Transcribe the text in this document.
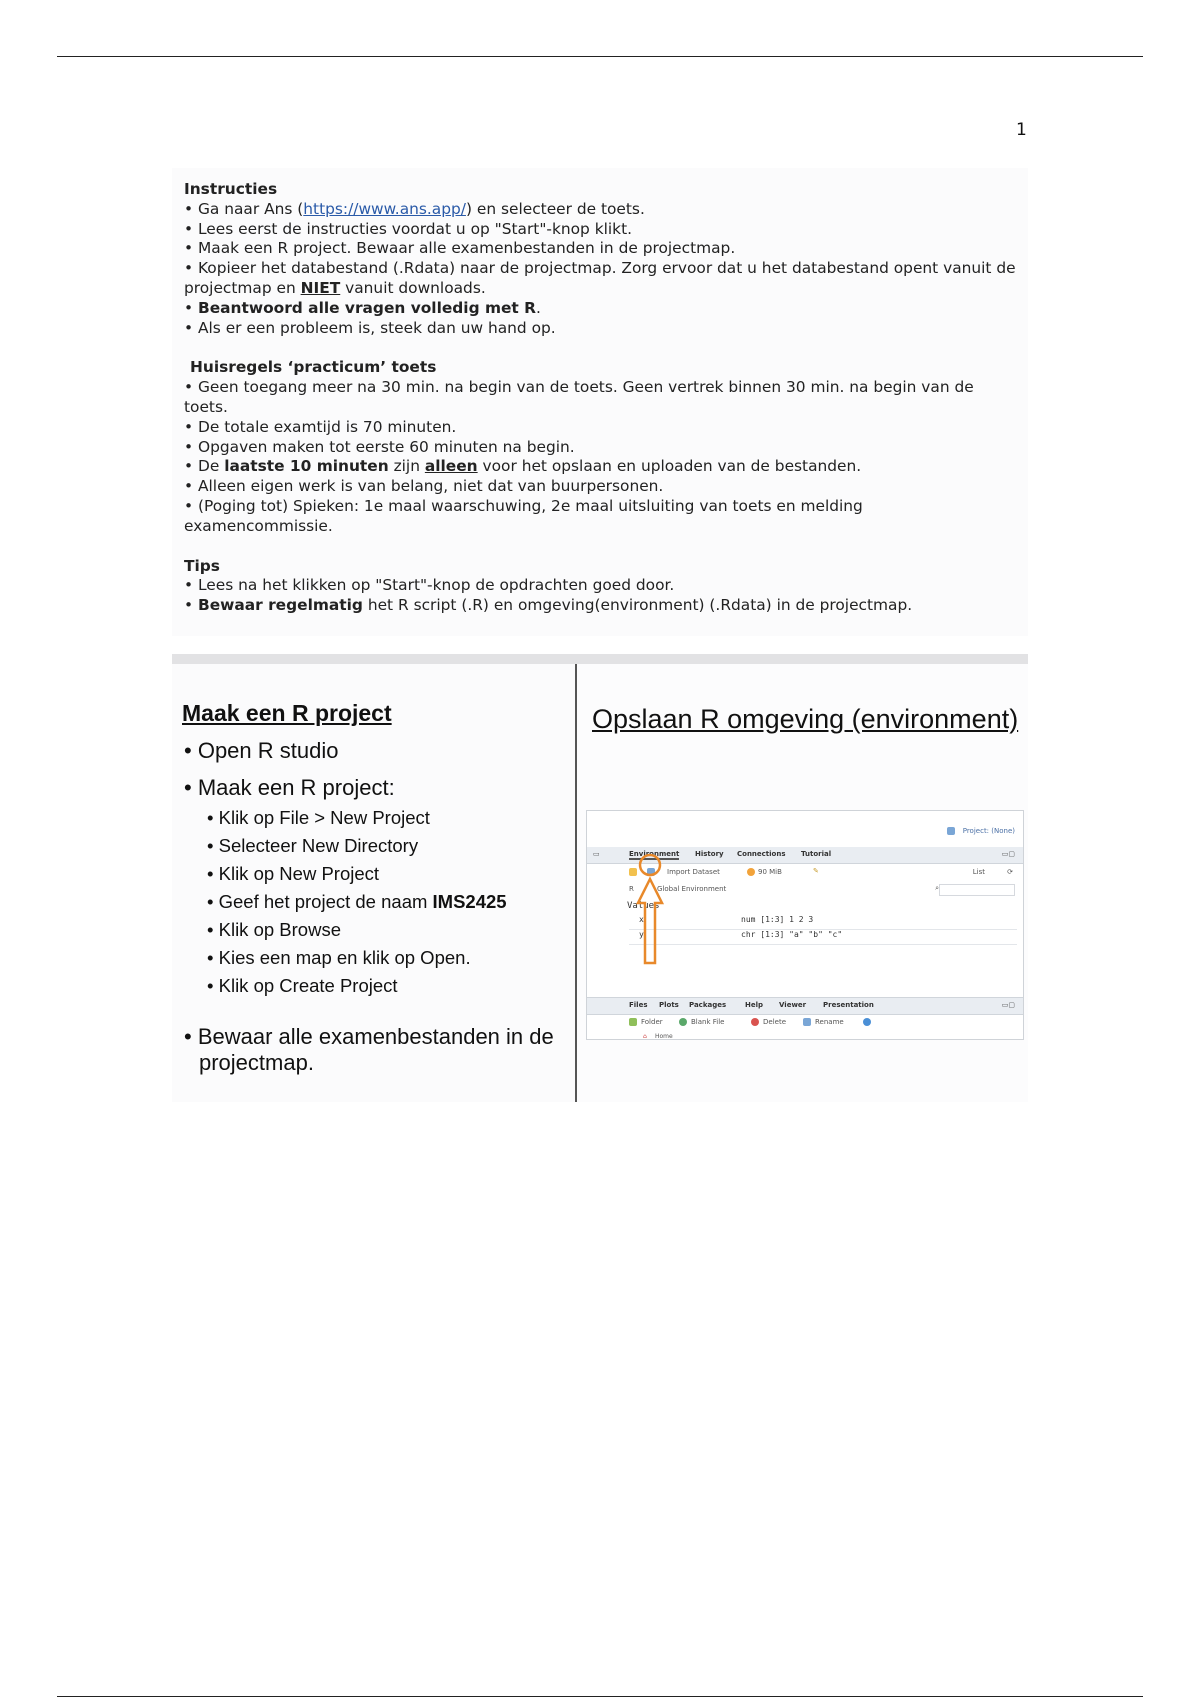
1

Instructies

• Ga naar Ans (https://www.ans.app/) en selecteer de toets.
• Lees eerst de instructies voordat u op "Start"-knop klikt.
• Maak een R project. Bewaar alle examenbestanden in de projectmap.
• Kopieer het databestand (.Rdata) naar de projectmap. Zorg ervoor dat u het databestand opent vanuit de projectmap en NIET vanuit downloads.
• Beantwoord alle vragen volledig met R.
• Als er een probleem is, steek dan uw hand op.

Huisregels ‘practicum’ toets

• Geen toegang meer na 30 min. na begin van de toets. Geen vertrek binnen 30 min. na begin van de toets.
• De totale examtijd is 70 minuten.
• Opgaven maken tot eerste 60 minuten na begin.
• De laatste 10 minuten zijn alleen voor het opslaan en uploaden van de bestanden.
• Alleen eigen werk is van belang, niet dat van buurpersonen.
• (Poging tot) Spieken: 1e maal waarschuwing, 2e maal uitsluiting van toets en melding examencommissie.

Tips

• Lees na het klikken op "Start"-knop de opdrachten goed door.
• Bewaar regelmatig het R script (.R) en omgeving(environment) (.Rdata) in de projectmap.
Maak een R project
• Open R studio
• Maak een R project:
• Klik op File > New Project
• Selecteer New Directory
• Klik op New Project
• Geef het project de naam IMS2425
• Klik op Browse
• Kies een map en klik op Open.
• Klik op Create Project
• Bewaar alle examenbestanden in de projectmap.
Opslaan R omgeving (environment)
Project: (None)
Environment History Connections Tutorial
▭	▭▢
Import Dataset	90 MiB	✎	List	⟳
R	Global Environment	⌕
Values
x	num [1:3] 1 2 3
y	chr [1:3] "a" "b" "c"
Files Plots Packages	Help Viewer Presentation	▭▢
Folder	Blank File	Delete	Rename
⌂ Home
